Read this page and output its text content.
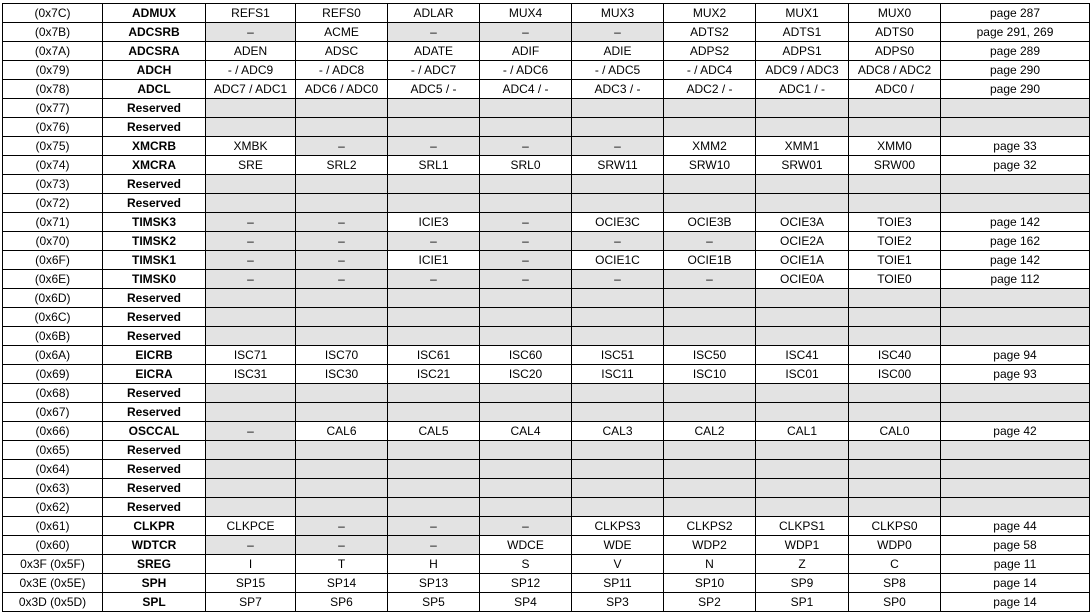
(0x7C)	ADMUX	REFS1	REFS0	ADLAR	MUX4	MUX3	MUX2	MUX1	MUX0	page 287
(0x7B)	ADCSRB	–	ACME	–	–	–	ADTS2	ADTS1	ADTS0	page 291, 269
(0x7A)	ADCSRA	ADEN	ADSC	ADATE	ADIF	ADIE	ADPS2	ADPS1	ADPS0	page 289
(0x79)	ADCH	- / ADC9	- / ADC8	- / ADC7	- / ADC6	- / ADC5	- / ADC4	ADC9 / ADC3	ADC8 / ADC2	page 290
(0x78)	ADCL	ADC7 / ADC1	ADC6 / ADC0	ADC5 / -	ADC4 / -	ADC3 / -	ADC2 / -	ADC1 / -	ADC0 /	page 290
(0x77)	Reserved									
(0x76)	Reserved									
(0x75)	XMCRB	XMBK	–	–	–	–	XMM2	XMM1	XMM0	page 33
(0x74)	XMCRA	SRE	SRL2	SRL1	SRL0	SRW11	SRW10	SRW01	SRW00	page 32
(0x73)	Reserved									
(0x72)	Reserved									
(0x71)	TIMSK3	–	–	ICIE3	–	OCIE3C	OCIE3B	OCIE3A	TOIE3	page 142
(0x70)	TIMSK2	–	–	–	–	–	–	OCIE2A	TOIE2	page 162
(0x6F)	TIMSK1	–	–	ICIE1	–	OCIE1C	OCIE1B	OCIE1A	TOIE1	page 142
(0x6E)	TIMSK0	–	–	–	–	–	–	OCIE0A	TOIE0	page 112
(0x6D)	Reserved									
(0x6C)	Reserved									
(0x6B)	Reserved									
(0x6A)	EICRB	ISC71	ISC70	ISC61	ISC60	ISC51	ISC50	ISC41	ISC40	page 94
(0x69)	EICRA	ISC31	ISC30	ISC21	ISC20	ISC11	ISC10	ISC01	ISC00	page 93
(0x68)	Reserved									
(0x67)	Reserved									
(0x66)	OSCCAL	–	CAL6	CAL5	CAL4	CAL3	CAL2	CAL1	CAL0	page 42
(0x65)	Reserved									
(0x64)	Reserved									
(0x63)	Reserved									
(0x62)	Reserved									
(0x61)	CLKPR	CLKPCE	–	–	–	CLKPS3	CLKPS2	CLKPS1	CLKPS0	page 44
(0x60)	WDTCR	–	–	–	WDCE	WDE	WDP2	WDP1	WDP0	page 58
0x3F (0x5F)	SREG	I	T	H	S	V	N	Z	C	page 11
0x3E (0x5E)	SPH	SP15	SP14	SP13	SP12	SP11	SP10	SP9	SP8	page 14
0x3D (0x5D)	SPL	SP7	SP6	SP5	SP4	SP3	SP2	SP1	SP0	page 14
